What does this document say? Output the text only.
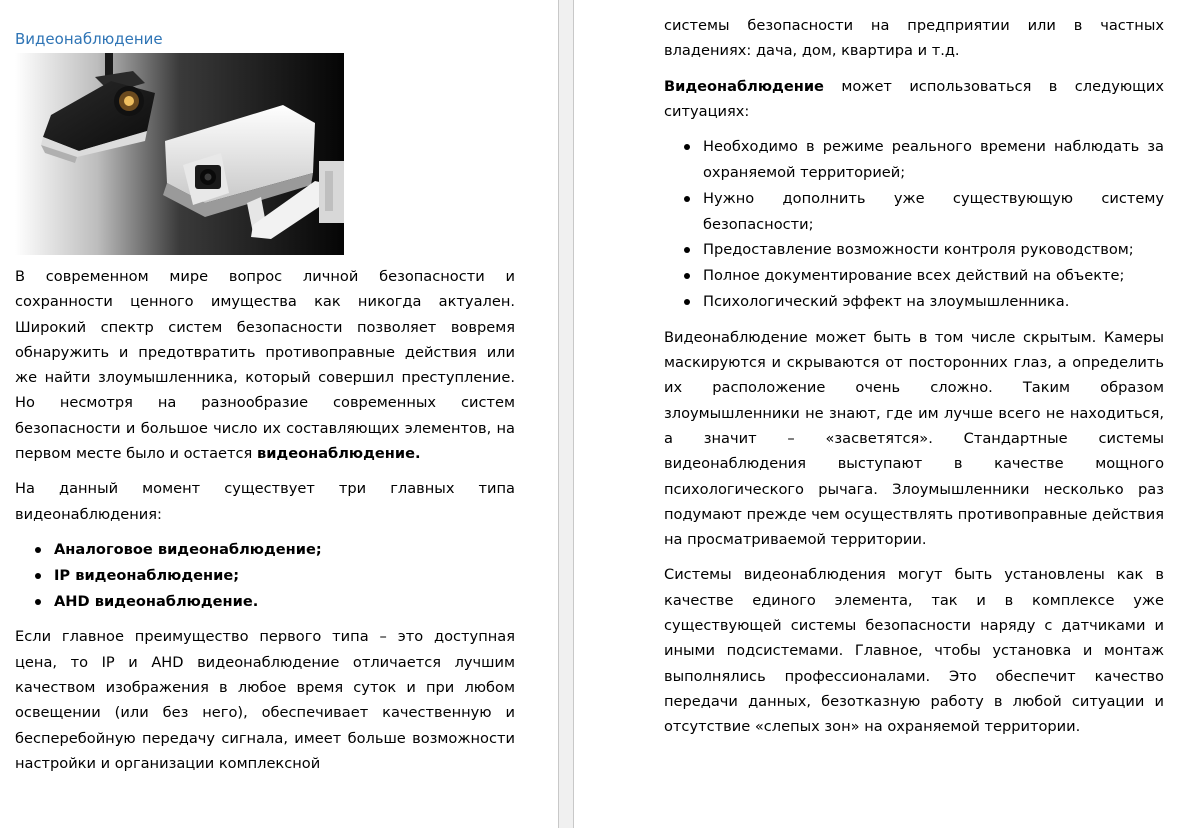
Видеонаблюдение

В современном мире вопрос личной безопасности и сохранности ценного имущества как никогда актуален. Широкий спектр систем безопасности позволяет вовремя обнаружить и предотвратить противоправные действия или же найти злоумышленника, который совершил преступление. Но несмотря на разнообразие современных систем безопасности и большое число их составляющих элементов, на первом месте было и остается видеонаблюдение.

На данный момент существует три главных типа видеонаблюдения:

Аналоговое видеонаблюдение;
IP видеонаблюдение;
AHD видеонаблюдение.

Если главное преимущество первого типа – это доступная цена, то IP и AHD видеонаблюдение отличается лучшим качеством изображения в любое время суток и при любом освещении (или без него), обеспечивает качественную и бесперебойную передачу сигнала, имеет больше возможности настройки и организации комплексной

системы безопасности на предприятии или в частных владениях: дача, дом, квартира и т.д.

Видеонаблюдение может использоваться в следующих ситуациях:

Необходимо в режиме реального времени наблюдать за охраняемой территорией;
Нужно дополнить уже существующую систему безопасности;
Предоставление возможности контроля руководством;
Полное документирование всех действий на объекте;
Психологический эффект на злоумышленника.

Видеонаблюдение может быть в том числе скрытым. Камеры маскируются и скрываются от посторонних глаз, а определить их расположение очень сложно. Таким образом злоумышленники не знают, где им лучше всего не находиться, а значит – «засветятся». Стандартные системы видеонаблюдения выступают в качестве мощного психологического рычага. Злоумышленники несколько раз подумают прежде чем осуществлять противоправные действия на просматриваемой территории.

Системы видеонаблюдения могут быть установлены как в качестве единого элемента, так и в комплексе уже существующей системы безопасности наряду с датчиками и иными подсистемами. Главное, чтобы установка и монтаж выполнялись профессионалами. Это обеспечит качество передачи данных, безотказную работу в любой ситуации и отсутствие «слепых зон» на охраняемой территории.
